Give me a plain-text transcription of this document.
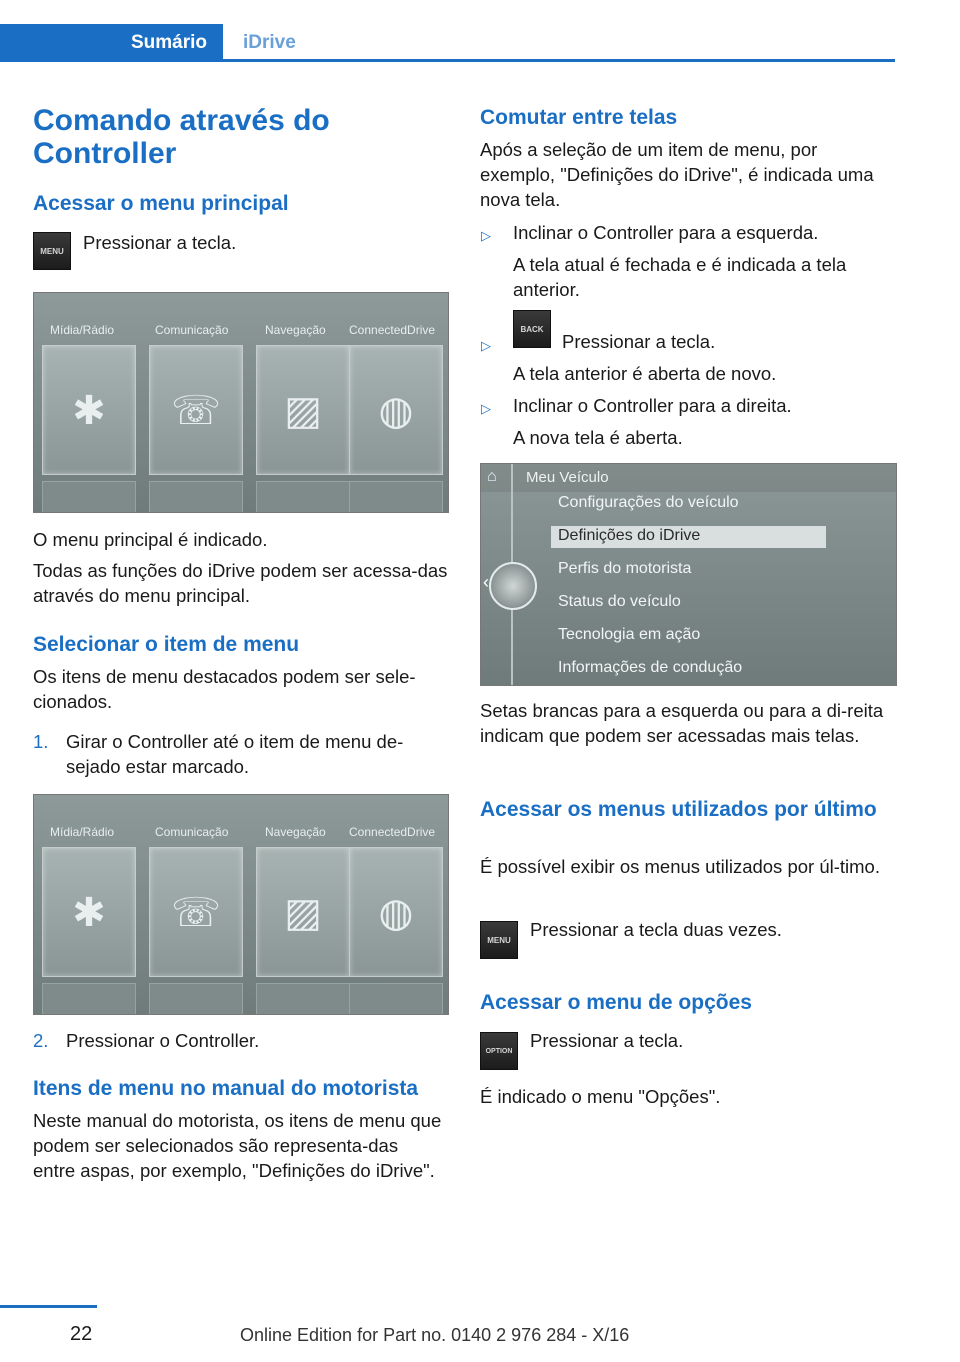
Sumário iDrive
Comando através do
Controller
Acessar o menu principal
MENU	Pressionar a tecla.

Mídia/Rádio	Comunicação	Navegação ConnectedDrive
✱	☏	▨	◍

O menu principal é indicado.

Todas as funções do iDrive podem ser acessa-das através do menu principal.

Selecionar o item de menu

Os itens de menu destacados podem ser sele-cionados.

1. Girar o Controller até o item de menu de-sejado estar marcado.

Mídia/Rádio	Comunicação	Navegação ConnectedDrive
✱	☏	▨	◍

2. Pressionar o Controller.

Itens de menu no manual do motorista

Neste manual do motorista, os itens de menu que podem ser selecionados são representa-das entre aspas, por exemplo, "Definições do iDrive".

Comutar entre telas

Após a seleção de um item de menu, por exemplo, "Definições do iDrive", é indicada uma nova tela.

▷ Inclinar o Controller para a esquerda.

A tela atual é fechada e é indicada a tela anterior.

▷

BACK

Pressionar a tecla.

A tela anterior é aberta de novo.

▷ Inclinar o Controller para a direita.

A nova tela é aberta.

⌂ Meu Veículo
Configurações do veículo
Definições do iDrive
Perfis do motorista
Status do veículo
Tecnologia em ação
Informações de condução
‹

Setas brancas para a esquerda ou para a di-reita indicam que podem ser acessadas mais telas.

Acessar os menus utilizados por último

É possível exibir os menus utilizados por úl-timo.

MENU

Pressionar a tecla duas vezes.

Acessar o menu de opções
OPTION

Pressionar a tecla.

É indicado o menu "Opções".

22	Online Edition for Part no. 0140 2 976 284 - X/16
